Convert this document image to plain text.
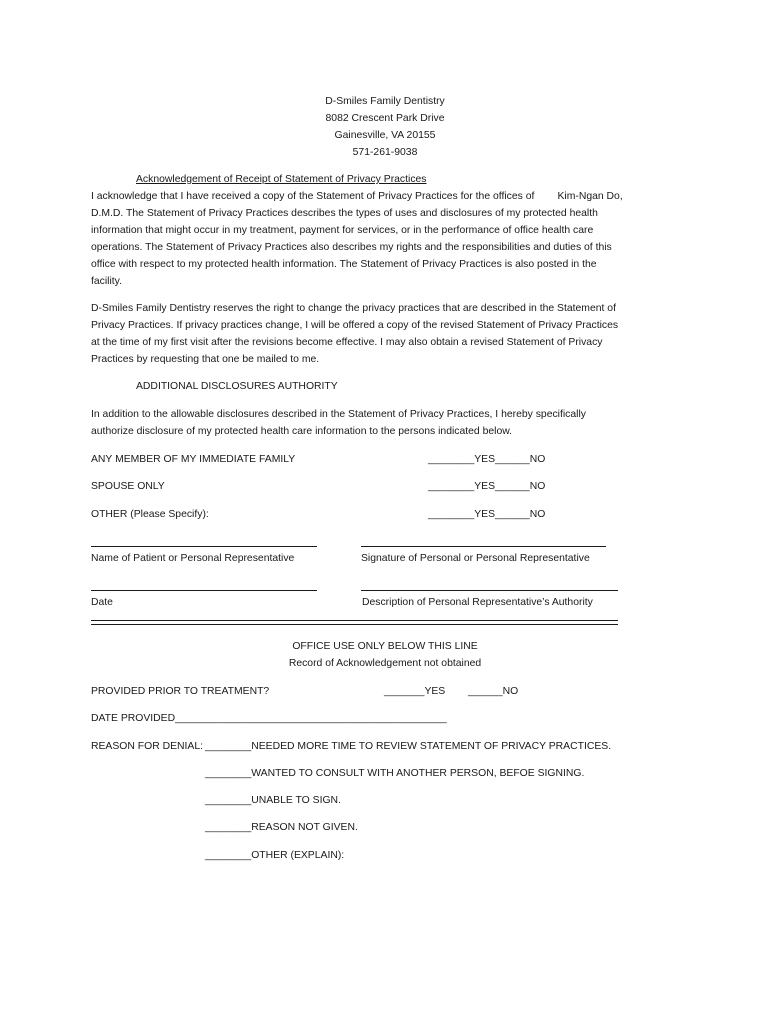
D-Smiles Family Dentistry
8082 Crescent Park Drive
Gainesville, VA 20155
571-261-9038
Acknowledgement of Receipt of Statement of Privacy Practices
I acknowledge that I have received a copy of the Statement of Privacy Practices for the offices of        Kim-Ngan Do,
D.M.D. The Statement of Privacy Practices describes the types of uses and disclosures of my protected health
information that might occur in my treatment, payment for services, or in the performance of office health care
operations. The Statement of Privacy Practices also describes my rights and the responsibilities and duties of this
office with respect to my protected health information. The Statement of Privacy Practices is also posted in the
facility.
D-Smiles Family Dentistry reserves the right to change the privacy practices that are described in the Statement of
Privacy Practices. If privacy practices change, I will be offered a copy of the revised Statement of Privacy Practices
at the time of my first visit after the revisions become effective. I may also obtain a revised Statement of Privacy
Practices by requesting that one be mailed to me.
ADDITIONAL DISCLOSURES AUTHORITY
In addition to the allowable disclosures described in the Statement of Privacy Practices, I hereby specifically
authorize disclosure of my protected health care information to the persons indicated below.
ANY MEMBER OF MY IMMEDIATE FAMILY	________YES______NO
SPOUSE ONLY	________YES______NO
OTHER (Please Specify):	________YES______NO
Name of Patient or Personal Representative	Signature of Personal or Personal Representative
Date	Description of Personal Representative’s Authority
OFFICE USE ONLY BELOW THIS LINE
Record of Acknowledgement not obtained
PROVIDED PRIOR TO TREATMENT?	_______YES ______NO
DATE PROVIDED_______________________________________________
REASON FOR DENIAL: ________NEEDED MORE TIME TO REVIEW STATEMENT OF PRIVACY PRACTICES.
________WANTED TO CONSULT WITH ANOTHER PERSON, BEFOE SIGNING.
________UNABLE TO SIGN.
________REASON NOT GIVEN.
________OTHER (EXPLAIN):
